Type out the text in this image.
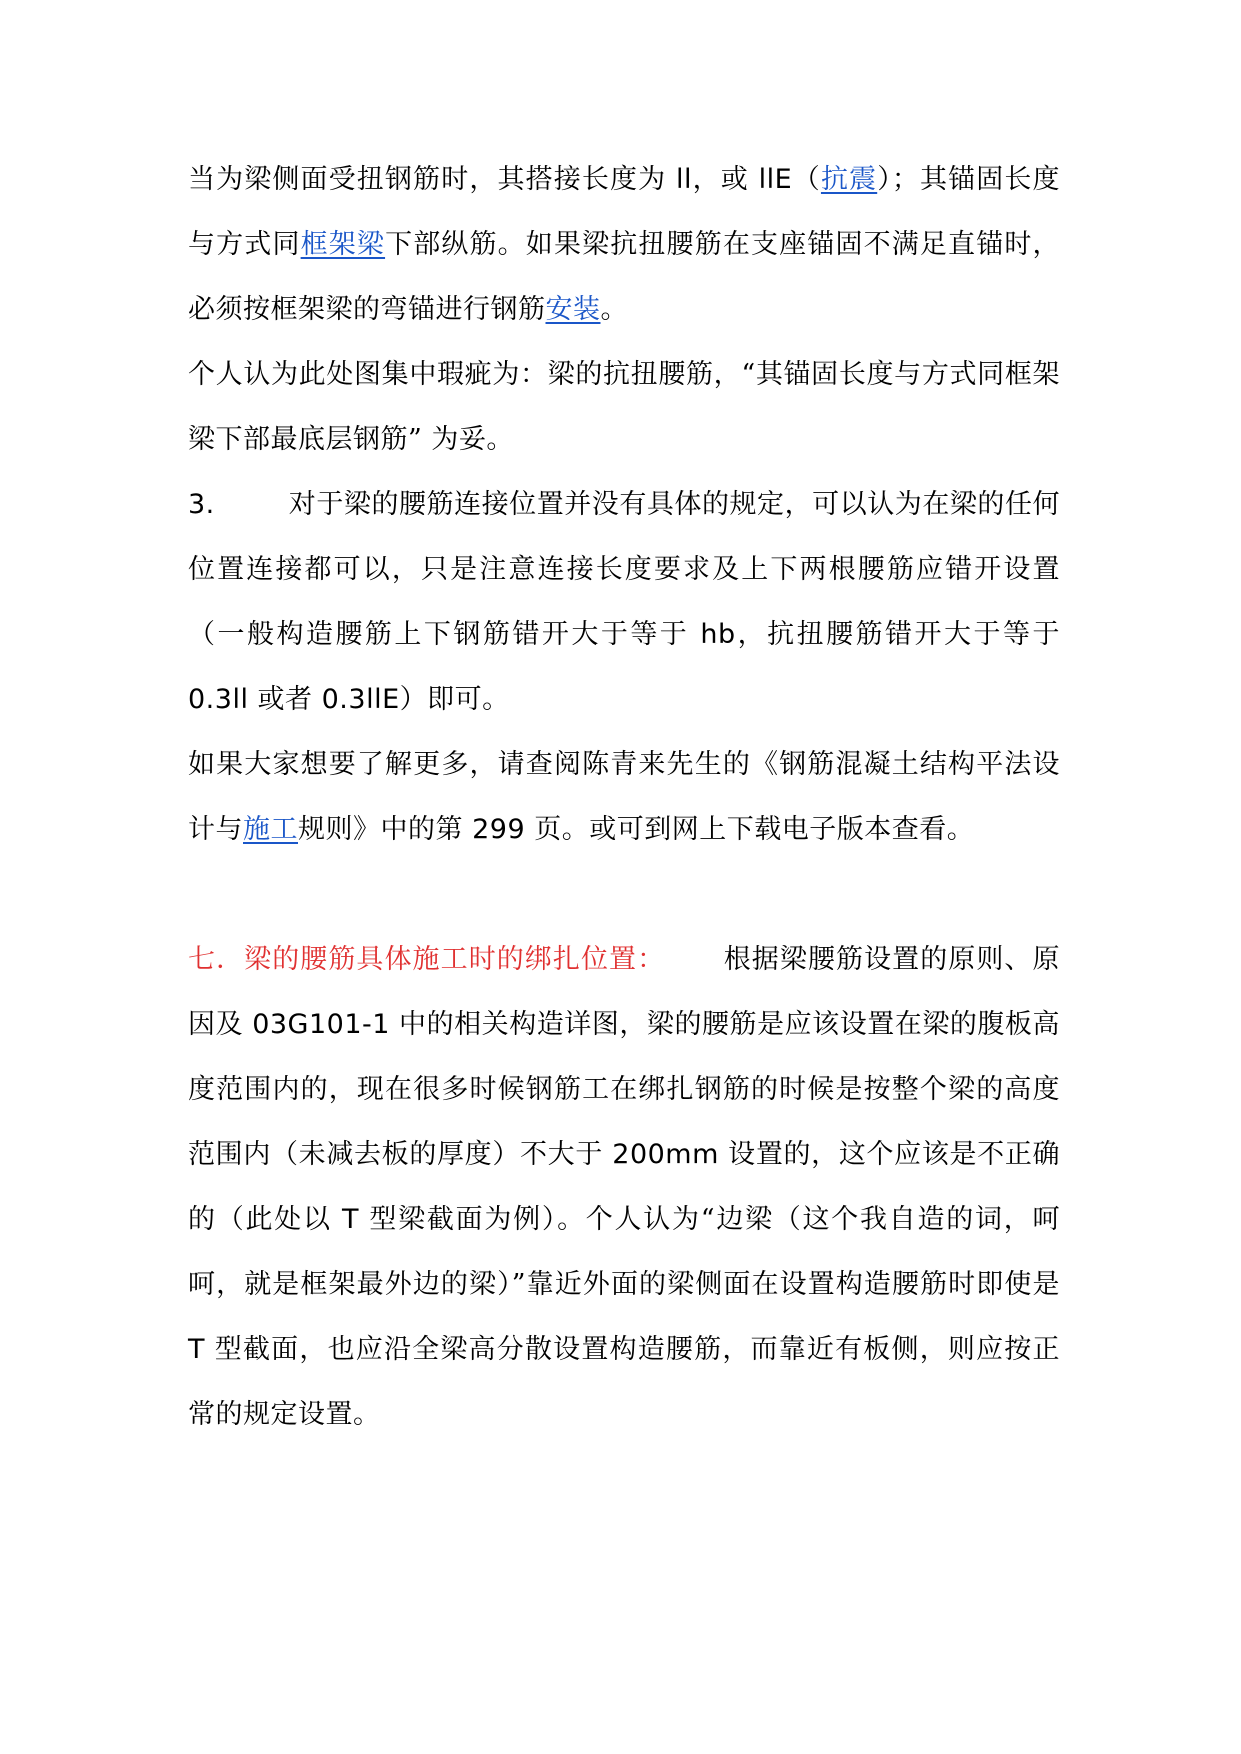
当为梁侧面受扭钢筋时，其搭接长度为 ll，或 llE（抗震）；其锚固长度与方式同框架梁下部纵筋。如果梁抗扭腰筋在支座锚固不满足直锚时，必须按框架梁的弯锚进行钢筋安装。

个人认为此处图集中瑕疵为：梁的抗扭腰筋，“其锚固长度与方式同框架梁下部最底层钢筋” 为妥。

3.	对于梁的腰筋连接位置并没有具体的规定，可以认为在梁的任何位置连接都可以，只是注意连接长度要求及上下两根腰筋应错开设置（一般构造腰筋上下钢筋错开大于等于 hb，抗扭腰筋错开大于等于 0.3ll 或者 0.3llE）即可。

如果大家想要了解更多，请查阅陈青来先生的《钢筋混凝土结构平法设计与施工规则》中的第 299 页。或可到网上下载电子版本查看。

七．梁的腰筋具体施工时的绑扎位置： 根据梁腰筋设置的原则、原因及 03G101-1 中的相关构造详图，梁的腰筋是应该设置在梁的腹板高度范围内的，现在很多时候钢筋工在绑扎钢筋的时候是按整个梁的高度范围内（未减去板的厚度）不大于 200mm 设置的，这个应该是不正确的（此处以 T 型梁截面为例）。个人认为“边梁（这个我自造的词，呵呵，就是框架最外边的梁）”靠近外面的梁侧面在设置构造腰筋时即使是 T 型截面，也应沿全梁高分散设置构造腰筋，而靠近有板侧，则应按正常的规定设置。
